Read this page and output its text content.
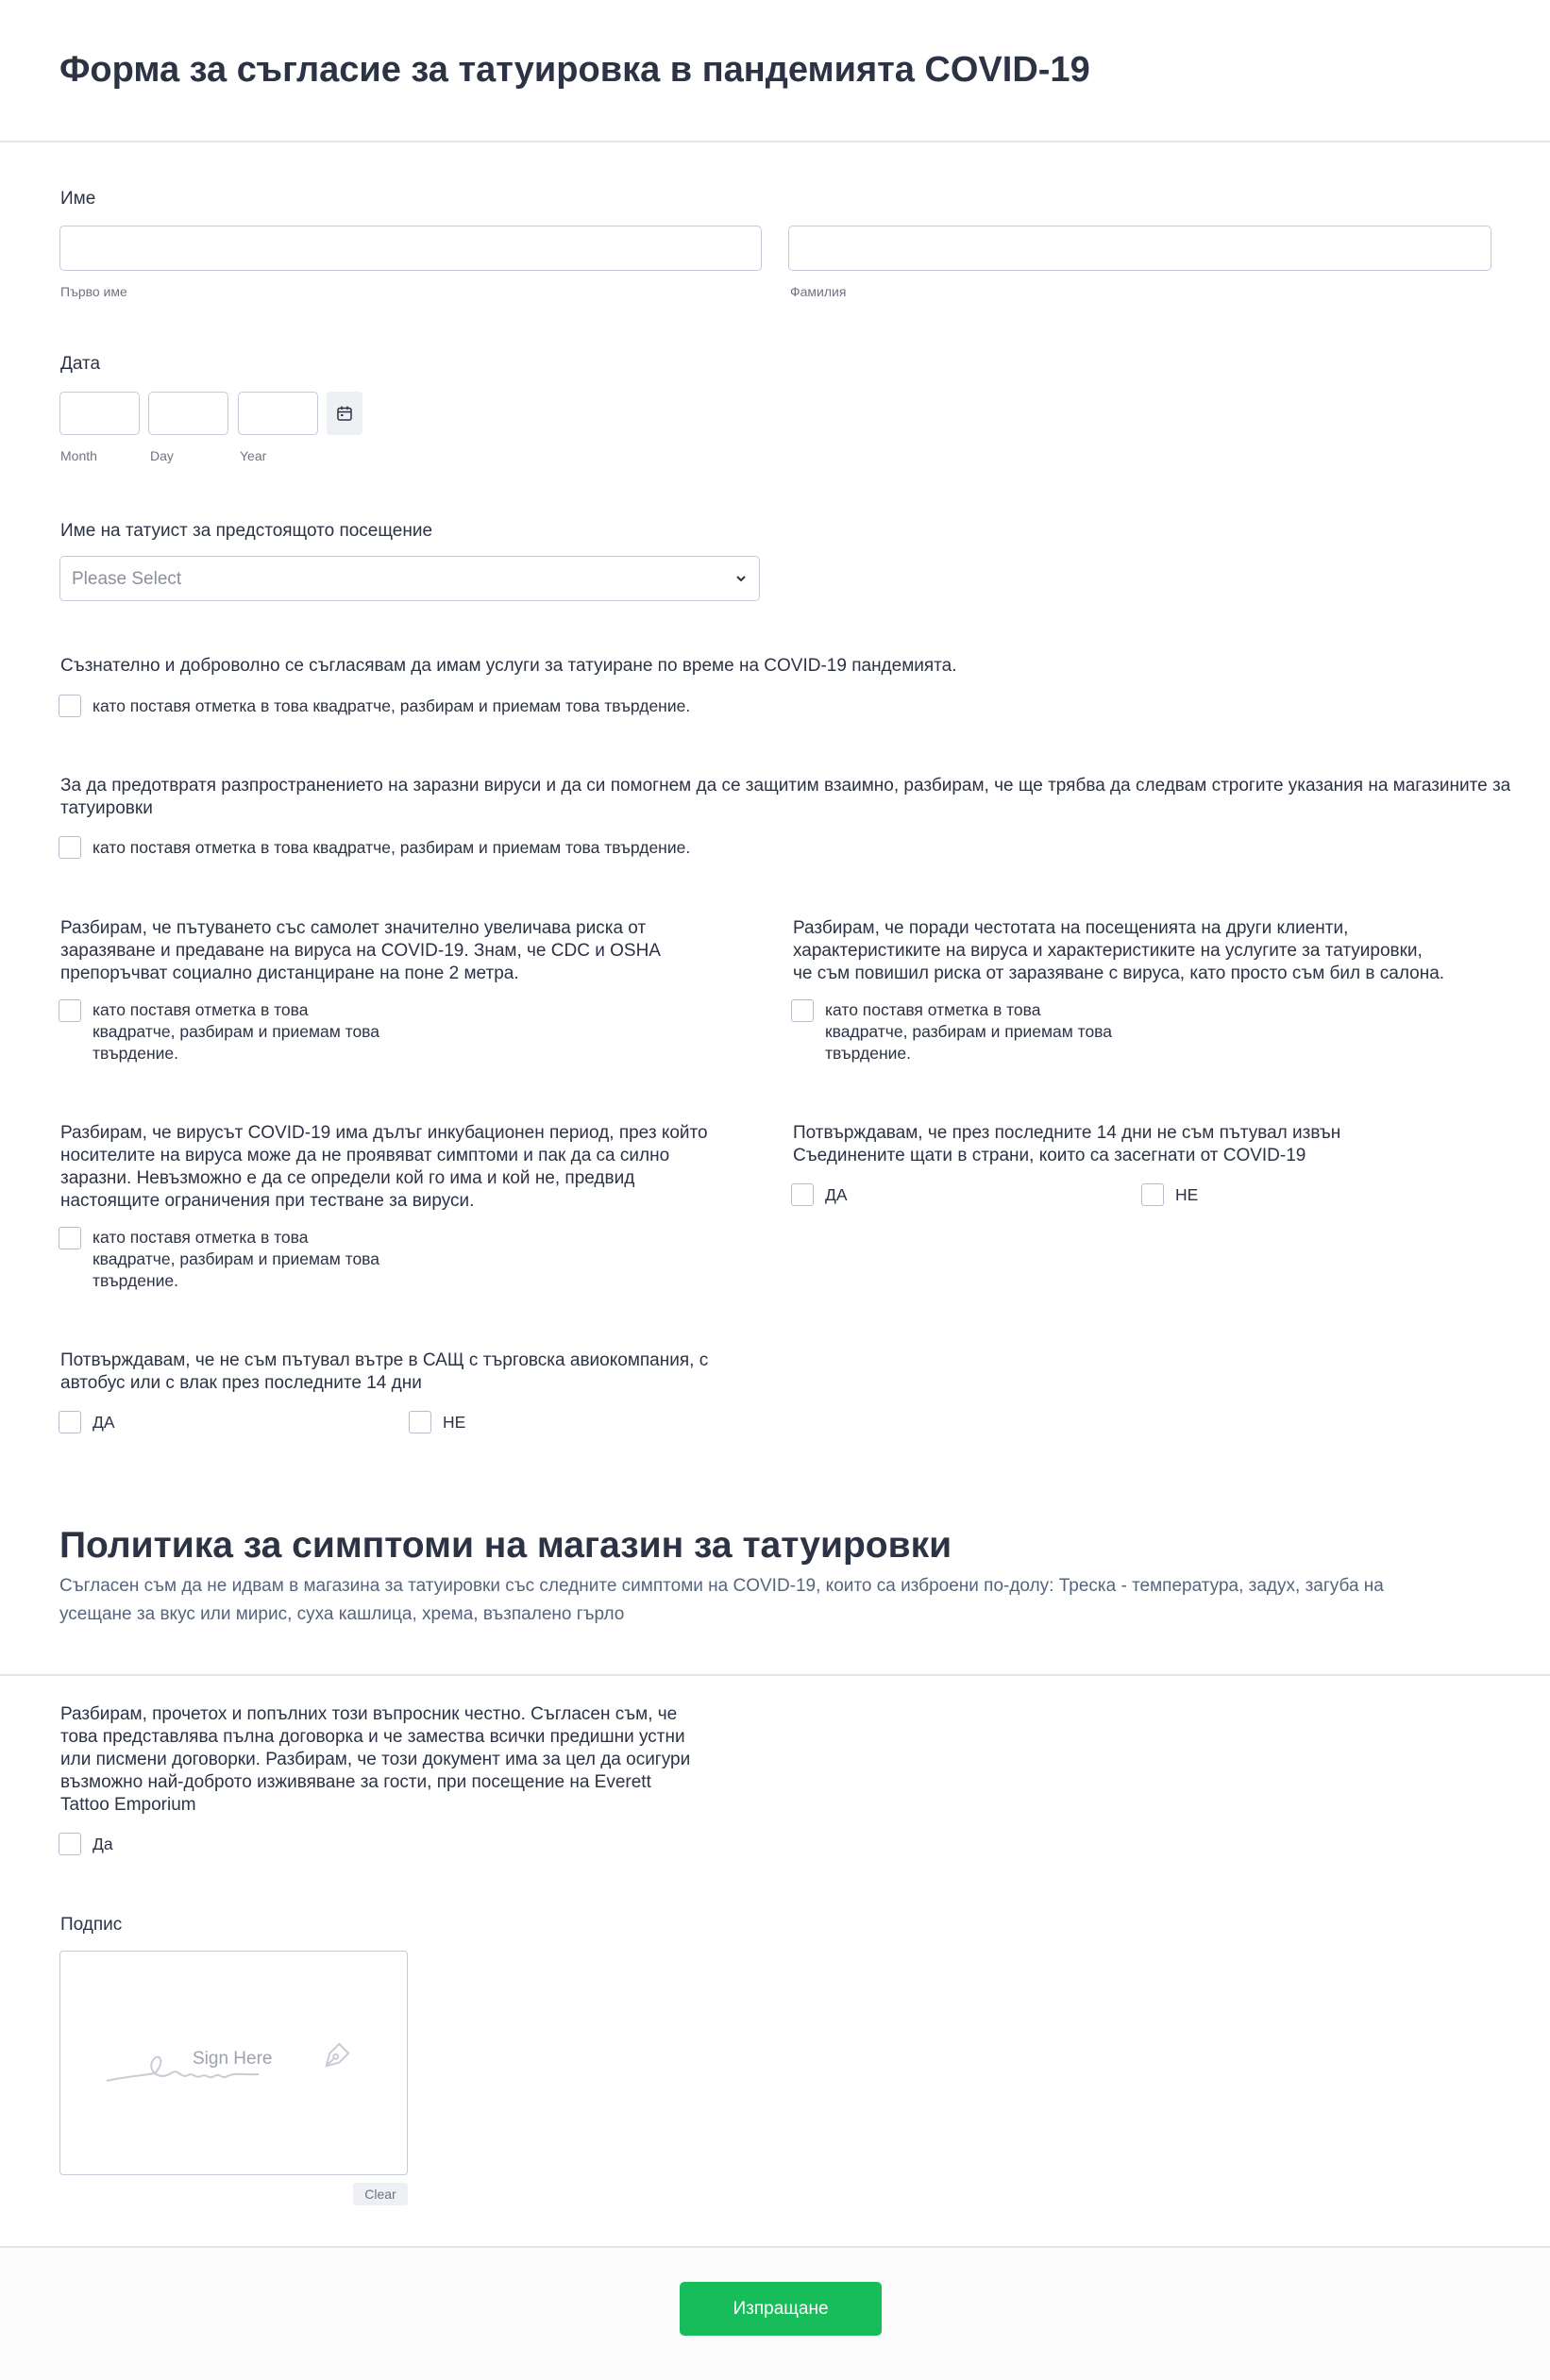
Форма за съгласие за татуировка в пандемията COVID-19
Име
Първо име	Фамилия
Дата
Month	Day	Year
Име на татуист за предстоящото посещение
Please Select
Съзнателно и доброволно се съгласявам да имам услуги за татуиране по време на COVID-19 пандемията.
като поставя отметка в това квадратче, разбирам и приемам това твърдение.
За да предотвратя разпространението на заразни вируси и да си помогнем да се защитим взаимно, разбирам, че ще трябва да следвам строгите указания на магазините за татуировки
като поставя отметка в това квадратче, разбирам и приемам това твърдение.
Разбирам, че пътуването със самолет значително увеличава риска от
заразяване и предаване на вируса на COVID-19. Знам, че CDC и OSHA
препоръчват социално дистанциране на поне 2 метра.
като поставя отметка в това
квадратче, разбирам и приемам това
твърдение.
Разбирам, че поради честотата на посещенията на други клиенти,
характеристиките на вируса и характеристиките на услугите за татуировки,
че съм повишил риска от заразяване с вируса, като просто съм бил в салона.
като поставя отметка в това
квадратче, разбирам и приемам това
твърдение.
Разбирам, че вирусът COVID-19 има дълъг инкубационен период, през който
носителите на вируса може да не проявяват симптоми и пак да са силно
заразни. Невъзможно е да се определи кой го има и кой не, предвид
настоящите ограничения при тестване за вируси.
като поставя отметка в това
квадратче, разбирам и приемам това
твърдение.
Потвърждавам, че през последните 14 дни не съм пътувал извън
Съединените щати в страни, които са засегнати от COVID-19
ДА	НЕ
Потвърждавам, че не съм пътувал вътре в САЩ с търговска авиокомпания, с
автобус или с влак през последните 14 дни
ДА	НЕ
Политика за симптоми на магазин за татуировки
Съгласен съм да не идвам в магазина за татуировки със следните симптоми на COVID-19, които са изброени по-долу: Треска - температура, задух, загуба на
усещане за вкус или мирис, суха кашлица, хрема, възпалено гърло
Разбирам, прочетох и попълних този въпросник честно. Съгласен съм, че
това представлява пълна договорка и че замества всички предишни устни
или писмени договорки. Разбирам, че този документ има за цел да осигури
възможно най-доброто изживяване за гости, при посещение на Everett
Tattoo Emporium
Да
Подпис
Sign Here
Clear
Изпращане
